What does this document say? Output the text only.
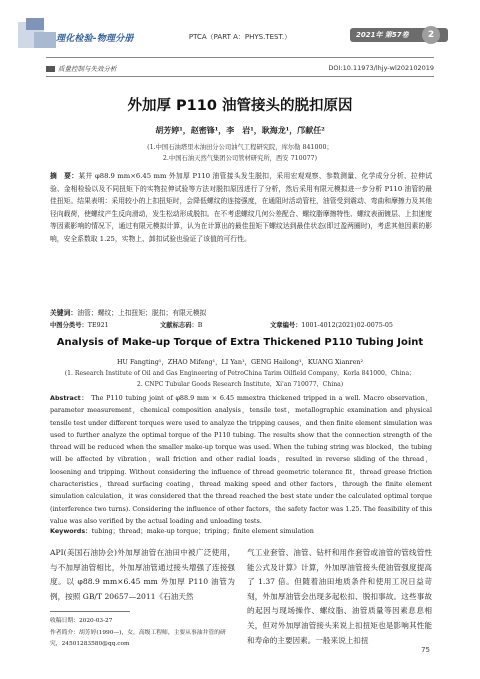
理化检验-物理分册	PTCA（PART A：PHYS.TEST.）	2021年 第57卷	2
质量控制与失效分析	DOI:10.11973/lhjy-wl202102019
外加厚 P110 油管接头的脱扣原因
胡芳婷¹，赵密锋¹，李　岩¹，耿海龙¹，邝献任²
(1.中国石油塔里木油田分公司油气工程研究院，库尔勒 841000；
2.中国石油天然气集团公司管材研究所，西安 710077)
摘　要：某井 φ88.9 mm×6.45 mm 外加厚 P110 油管接头发生脱扣，采用宏观观察、参数测量、化学成分分析、拉伸试验、金相检验以及不同扭矩下的实物拉伸试验等方法对脱扣原因进行了分析，然后采用有限元模拟进一步分析 P110 油管的最佳扭矩。结果表明：采用较小的上扣扭矩时，会降低螺纹的连接强度，在通阻时活动管柱，油管受到震动、弯曲和摩擦力及其他径向载荷，使螺纹产生反向滑动，发生松动形成脱扣。在不考虑螺纹几何公差配合、螺纹脂摩擦特性、螺纹表面镀层、上扣速度等因素影响的情况下，通过有限元模拟计算，认为在计算出的最佳扭矩下螺纹达到最佳状态(即过盈两圈时)，考虑其他因素的影响，安全系数取 1.25，实物上、卸扣试验也验证了该值的可行性。
关键词：油管；螺纹；上扣扭矩；脱扣；有限元模拟
中图分类号：TE921	文献标志码：B	文章编号：1001-4012(2021)02-0075-05
Analysis of Make-up Torque of Extra Thickened P110 Tubing Joint
HU Fangting¹，ZHAO Mifeng¹，LI Yan¹，GENG Hailong¹，KUANG Xianren²
(1. Research Institute of Oil and Gas Engineering of PetroChina Tarim Oilfield Company，Korla 841000，China；
2. CNPC Tubular Goods Research Institute，Xi'an 710077，China)
Abstract： The P110 tubing joint of φ88.9 mm × 6.45 mmextra thickened tripped in a well. Macro observation，parameter measurement，chemical composition analysis，tensile test，metallographic examination and physical tensile test under different torques were used to analyze the tripping causes，and then finite element simulation was used to further analyze the optimal torque of the P110 tubing. The results show that the connection strength of the thread will be reduced when the smaller make-up torque was used. When the tubing string was blocked，the tubing will be affected by vibration，wall friction and other radial loads，resulted in reverse sliding of the thread，loosening and tripping. Without considering the influence of thread geometric tolerance fit，thread grease friction characteristics，thread surfacing coating，thread making speed and other factors，through the finite element simulation calculation，it was considered that the thread reached the best state under the calculated optimal torque (interference two turns). Considering the influence of other factors，the safety factor was 1.25. The feasibility of this value was also verified by the actual loading and unloading tests.
Keywords：tubing；thread；make-up torque；triping；finite element simulation
API(美国石油协会)外加厚油管在油田中被广泛使用，与不加厚油管相比，外加厚油管通过接头增强了连接强度。以 φ88.9 mm×6.45 mm 外加厚 P110 油管为例，按照 GB/T 20657—2011《石油天然
气工业套管、油管、钻杆和用作套管或油管的管线管性能公式及计算》计算，外加厚油管接头使油管强度提高了 1.37 倍。但随着油田地质条件和使用工况日益苛刻，外加厚油管会出现多起松扣、脱扣事故。这些事故的起因与现场操作、螺纹脂、油管质量等因素息息相关，但对外加厚油管接头来说上扣扭矩也是影响其性能和寿命的主要因素。一般来说上扣扭
收稿日期：2020-03-27
作者简介：胡芳婷(1990—)，女，高级工程师，主要从事油井管的研究，24501283580@qq.com
75
